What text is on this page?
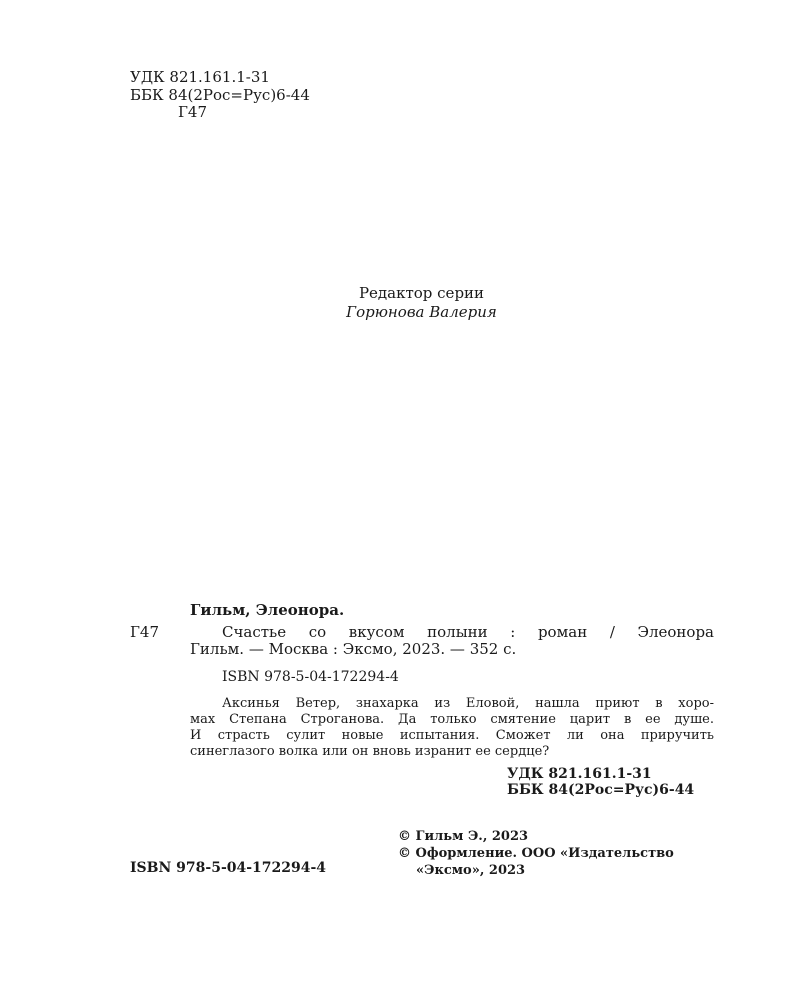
УДК 821.161.1-31
ББК 84(2Рос=Рус)6-44
Г47
Редактор серии
Горюнова Валерия
Гильм, Элеонора.
Г47	Счастье со вкусом полыни : роман / Элеонора
Гильм. — Москва : Эксмо, 2023. — 352 с.
ISBN 978-5-04-172294-4
Аксинья Ветер, знахарка из Еловой, нашла приют в хоро-
мах Степана Строганова. Да только смятение царит в ее душе.
И страсть сулит новые испытания. Сможет ли она приручить
синеглазого волка или он вновь изранит ее сердце?
УДК 821.161.1-31
ББК 84(2Рос=Рус)6-44
ISBN 978-5-04-172294-4
© Гильм Э., 2023
© Оформление. ООО «Издательство
«Эксмо», 2023
